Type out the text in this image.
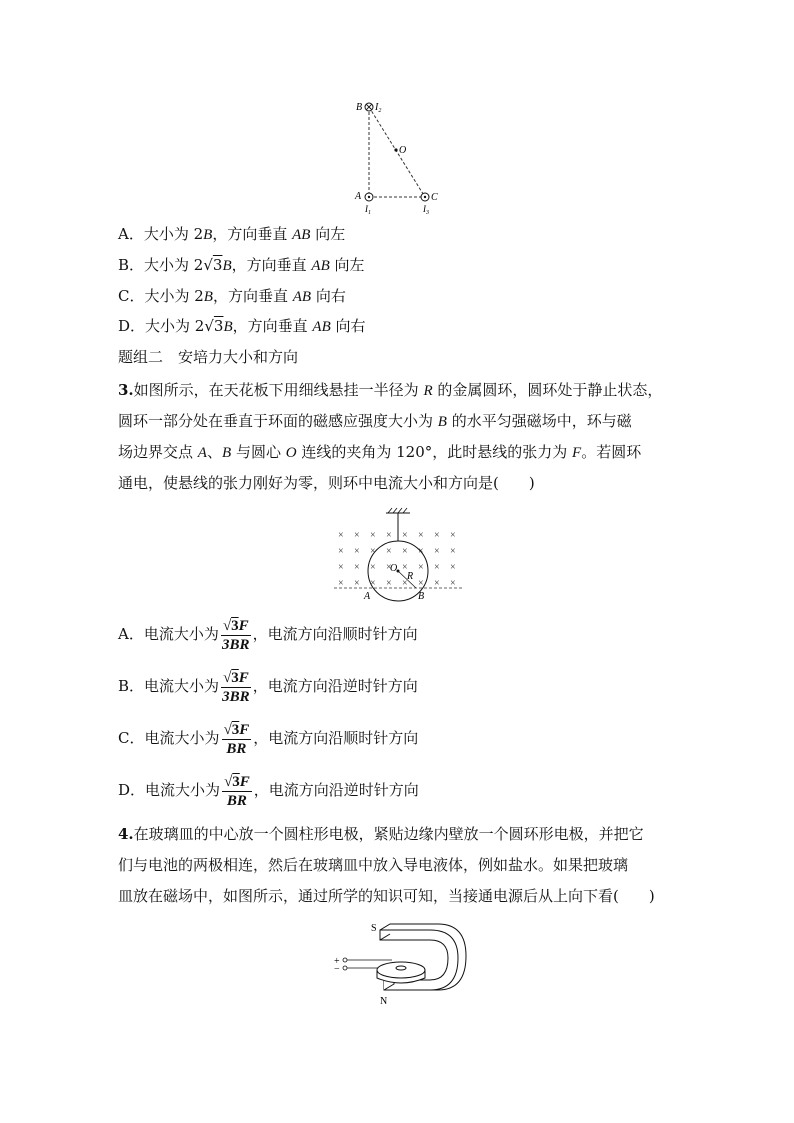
B $I_2$
O
A	C
$I_1$	$I_3$
A．大小为 2B，方向垂直 AB 向左
B．大小为 2√3B，方向垂直 AB 向左
C．大小为 2B，方向垂直 AB 向右
D．大小为 2√3B，方向垂直 AB 向右
题组二　安培力大小和方向
3.如图所示，在天花板下用细线悬挂一半径为 R 的金属圆环，圆环处于静止状态，
圆环一部分处在垂直于环面的磁感应强度大小为 B 的水平匀强磁场中，环与磁
场边界交点 A、B 与圆心 O 连线的夹角为 120°，此时悬线的张力为 F。若圆环
通电，使悬线的张力刚好为零，则环中电流大小和方向是(　　)
× × × × × × × ×
× × × × × × × ×
× × × × × × × ×
× × × × × × × ×
O
R
A	B
A．电流大小为 $\frac{√3F}{3BR}$ ，电流方向沿顺时针方向
B．电流大小为 $\frac{√3F}{3BR}$ ，电流方向沿逆时针方向
C．电流大小为 $\frac{√3F}{BR}$ ，电流方向沿顺时针方向
D．电流大小为 $\frac{√3F}{BR}$ ，电流方向沿逆时针方向
4.在玻璃皿的中心放一个圆柱形电极，紧贴边缘内壁放一个圆环形电极，并把它
们与电池的两极相连，然后在玻璃皿中放入导电液体，例如盐水。如果把玻璃
皿放在磁场中，如图所示，通过所学的知识可知，当接通电源后从上向下看(　　)
+
−
S
N
